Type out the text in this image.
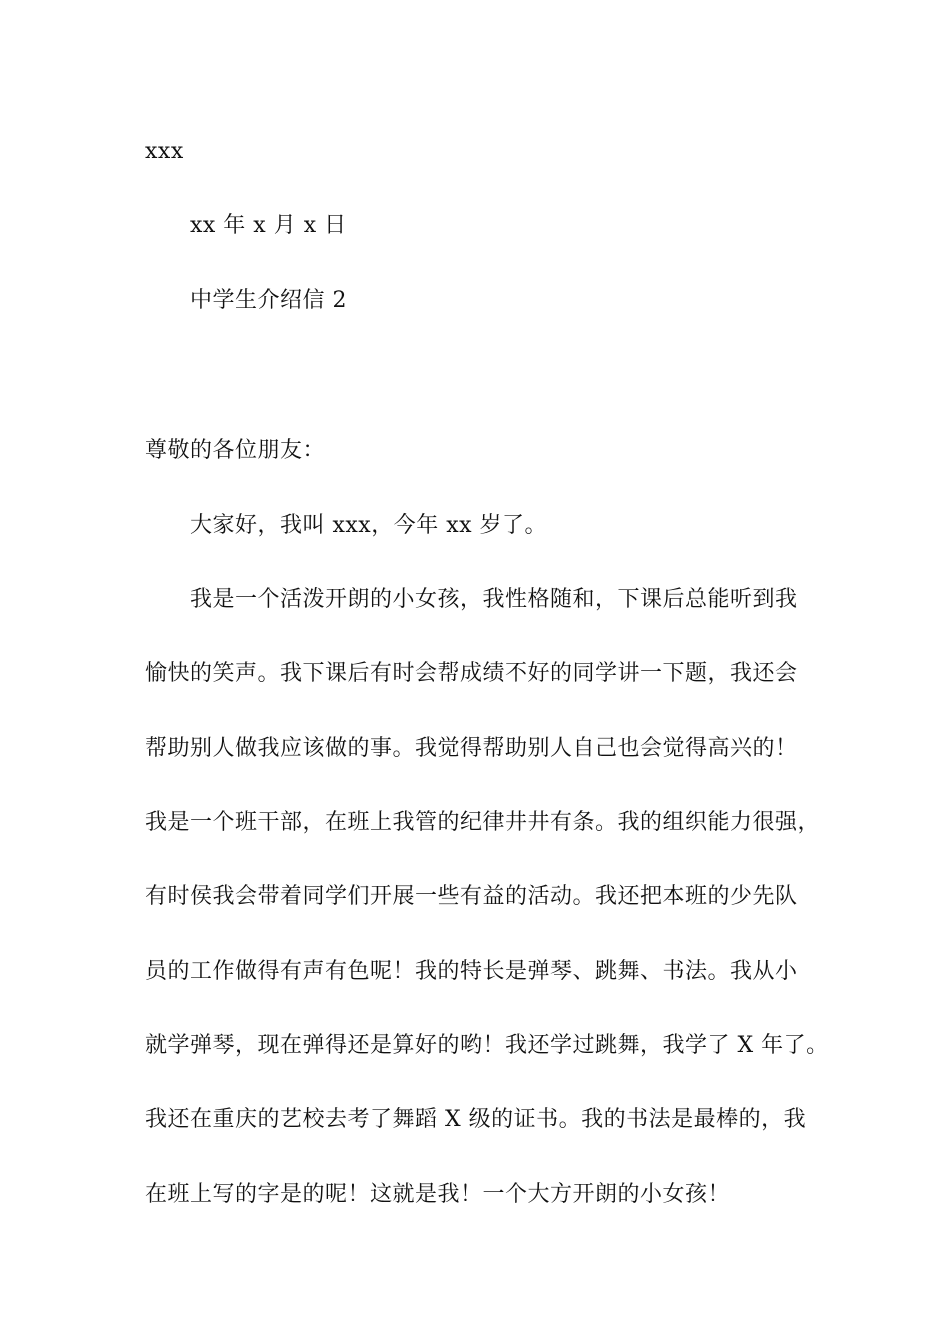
xxx
xx 年 x 月 x 日
中学生介绍信 2
尊敬的各位朋友：
大家好，我叫 xxx，今年 xx 岁了。
我是一个活泼开朗的小女孩，我性格随和，下课后总能听到我
愉快的笑声。我下课后有时会帮成绩不好的同学讲一下题，我还会
帮助别人做我应该做的事。我觉得帮助别人自己也会觉得高兴的！
我是一个班干部，在班上我管的纪律井井有条。我的组织能力很强，
有时侯我会带着同学们开展一些有益的活动。我还把本班的少先队
员的工作做得有声有色呢！我的特长是弹琴、跳舞、书法。我从小
就学弹琴，现在弹得还是算好的哟！我还学过跳舞，我学了 X 年了。
我还在重庆的艺校去考了舞蹈 X 级的证书。我的书法是最棒的，我
在班上写的字是的呢！这就是我！一个大方开朗的小女孩！
